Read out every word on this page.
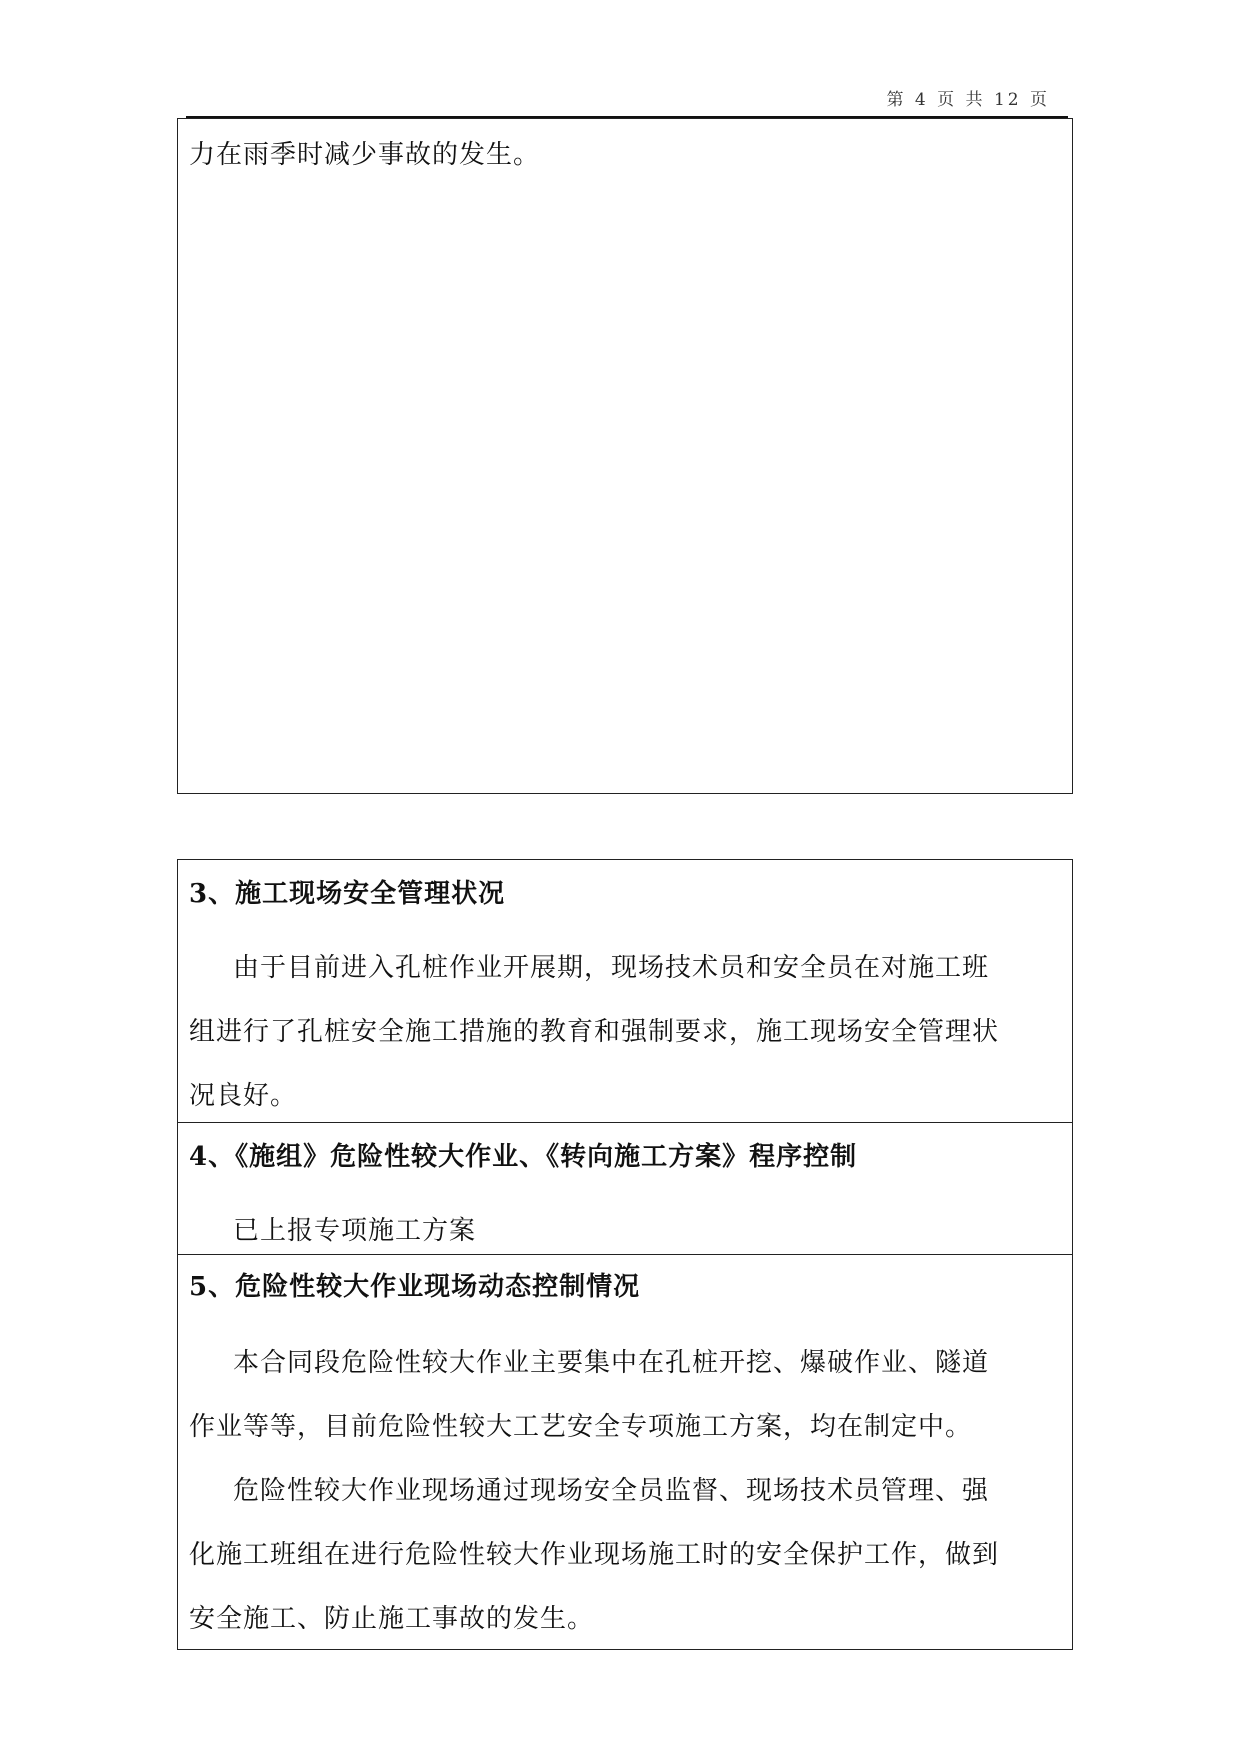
第 4 页 共 12 页

力在雨季时减少事故的发生。

3、施工现场安全管理状况

由于目前进入孔桩作业开展期，现场技术员和安全员在对施工班

组进行了孔桩安全施工措施的教育和强制要求，施工现场安全管理状

况良好。

4、《施组》危险性较大作业、《转向施工方案》程序控制

已上报专项施工方案

5、危险性较大作业现场动态控制情况

本合同段危险性较大作业主要集中在孔桩开挖、爆破作业、隧道

作业等等，目前危险性较大工艺安全专项施工方案，均在制定中。

危险性较大作业现场通过现场安全员监督、现场技术员管理、强

化施工班组在进行危险性较大作业现场施工时的安全保护工作，做到

安全施工、防止施工事故的发生。
